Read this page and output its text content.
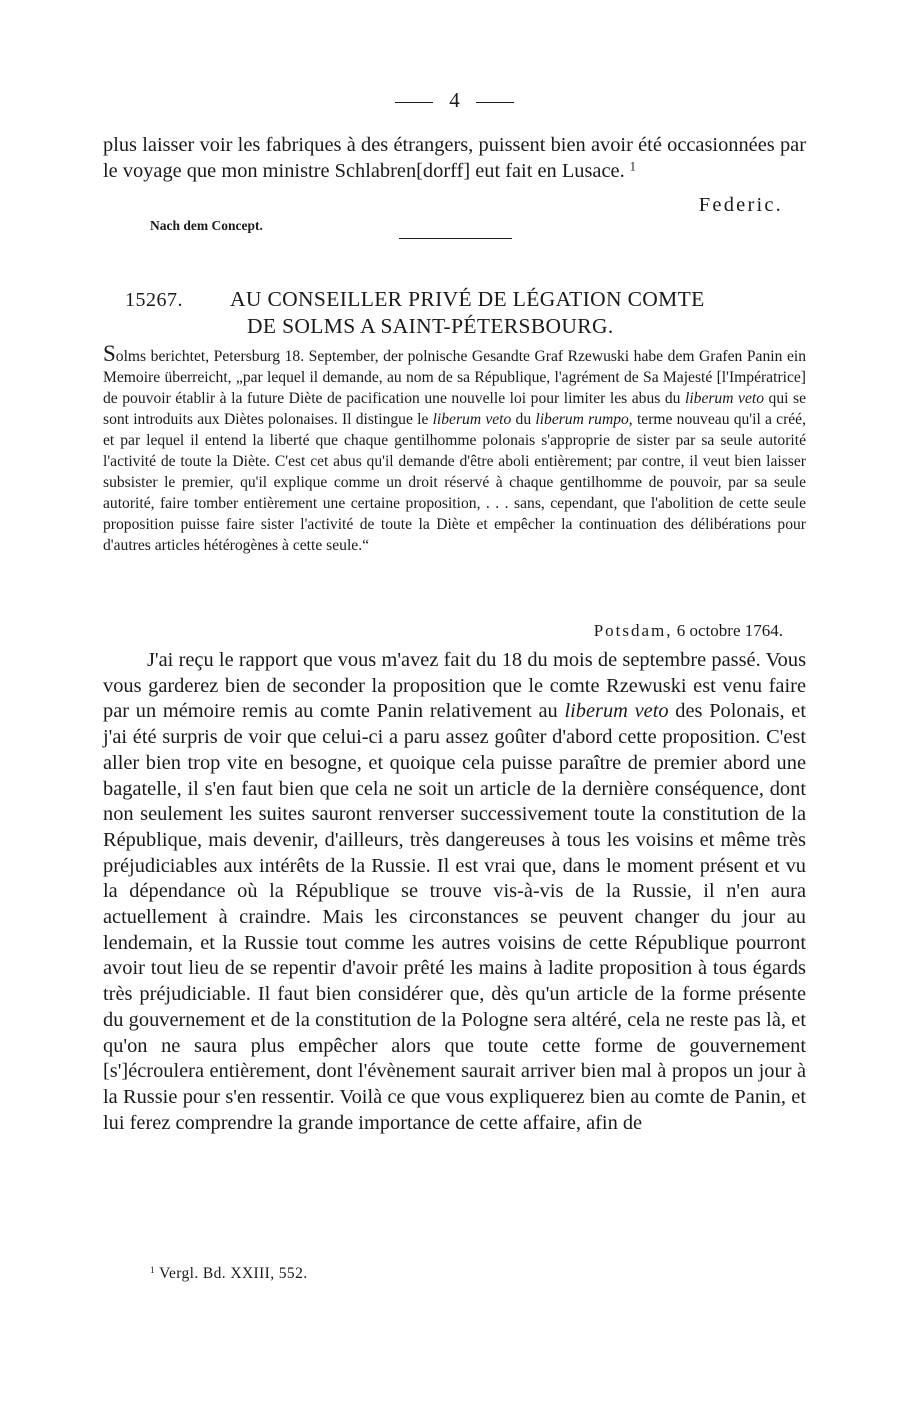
4
plus laisser voir les fabriques à des étrangers, puissent bien avoir été occasionnées par le voyage que mon ministre Schlabren[dorff] eut fait en Lusace. $^1$
Federic.
Nach dem Concept.
15267. AU CONSEILLER PRIVÉ DE LÉGATION COMTE
DE SOLMS A SAINT-PÉTERSBOURG.
Solms berichtet, Petersburg 18. September, der polnische Gesandte Graf Rzewuski habe dem Grafen Panin ein Memoire überreicht, „par lequel il demande, au nom de sa République, l'agrément de Sa Majesté [l'Impératrice] de pouvoir établir à la future Diète de pacification une nouvelle loi pour limiter les abus du liberum veto qui se sont introduits aux Diètes polonaises. Il distingue le liberum veto du liberum rumpo, terme nouveau qu'il a créé, et par lequel il entend la liberté que chaque gentilhomme polonais s'approprie de sister par sa seule autorité l'activité de toute la Diète. C'est cet abus qu'il demande d'être aboli entièrement; par contre, il veut bien laisser subsister le premier, qu'il explique comme un droit réservé à chaque gentilhomme de pouvoir, par sa seule autorité, faire tomber entièrement une certaine proposition, . . . sans, cependant, que l'abolition de cette seule proposition puisse faire sister l'activité de toute la Diète et empêcher la continuation des délibérations pour d'autres articles hétérogènes à cette seule.“
Potsdam, 6 octobre 1764.
J'ai reçu le rapport que vous m'avez fait du 18 du mois de septembre passé. Vous vous garderez bien de seconder la proposition que le comte Rzewuski est venu faire par un mémoire remis au comte Panin relativement au liberum veto des Polonais, et j'ai été surpris de voir que celui-ci a paru assez goûter d'abord cette proposition. C'est aller bien trop vite en besogne, et quoique cela puisse paraître de premier abord une bagatelle, il s'en faut bien que cela ne soit un article de la dernière conséquence, dont non seulement les suites sauront renverser successivement toute la constitution de la République, mais devenir, d'ailleurs, très dangereuses à tous les voisins et même très préjudiciables aux intérêts de la Russie. Il est vrai que, dans le moment présent et vu la dépendance où la République se trouve vis-à-vis de la Russie, il n'en aura actuellement à craindre. Mais les circonstances se peuvent changer du jour au lendemain, et la Russie tout comme les autres voisins de cette République pourront avoir tout lieu de se repentir d'avoir prêté les mains à ladite proposition à tous égards très préjudiciable. Il faut bien considérer que, dès qu'un article de la forme présente du gouvernement et de la constitution de la Pologne sera altéré, cela ne reste pas là, et qu'on ne saura plus empêcher alors que toute cette forme de gouvernement [s']écroulera entièrement, dont l'évènement saurait arriver bien mal à propos un jour à la Russie pour s'en ressentir. Voilà ce que vous expliquerez bien au comte de Panin, et lui ferez comprendre la grande importance de cette affaire, afin de
$^1$ Vergl. Bd. XXIII, 552.
